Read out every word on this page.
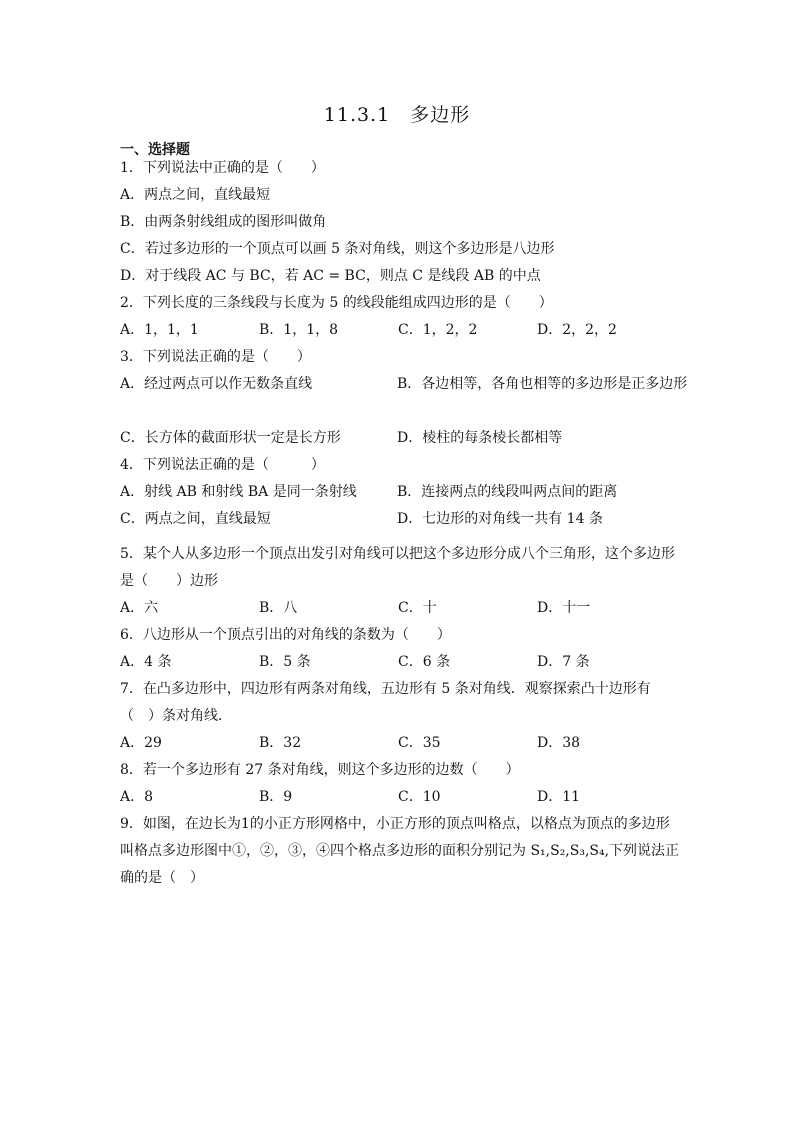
11.3.1　多边形
一、选择题
1．下列说法中正确的是（　　）
A．两点之间，直线最短
B．由两条射线组成的图形叫做角
C．若过多边形的一个顶点可以画 5 条对角线，则这个多边形是八边形
D．对于线段 AC 与 BC，若 AC = BC，则点 C 是线段 AB 的中点
2．下列长度的三条线段与长度为 5 的线段能组成四边形的是（　　）
A．1，1，1	B．1，1，8	C．1，2，2	D．2，2，2
3．下列说法正确的是（　　）
A．经过两点可以作无数条直线	B．各边相等，各角也相等的多边形是正多边形
C．长方体的截面形状一定是长方形	D．棱柱的每条棱长都相等
4．下列说法正确的是（　　　）
A．射线 AB 和射线 BA 是同一条射线	B．连接两点的线段叫两点间的距离
C．两点之间，直线最短	D．七边形的对角线一共有 14 条
5．某个人从多边形一个顶点出发引对角线可以把这个多边形分成八个三角形，这个多边形是（　　）边形
A．六	B．八	C．十	D．十一
6．八边形从一个顶点引出的对角线的条数为（　　）
A．4 条	B．5 条	C．6 条	D．7 条
7．在凸多边形中，四边形有两条对角线，五边形有 5 条对角线．观察探索凸十边形有（　）条对角线．
A．29	B．32	C．35	D．38
8．若一个多边形有 27 条对角线，则这个多边形的边数（　　）
A．8	B．9	C．10	D．11
9．如图，在边长为1的小正方形网格中，小正方形的顶点叫格点，以格点为顶点的多边形叫格点多边形图中①，②，③，④四个格点多边形的面积分别记为 S₁,S₂,S₃,S₄,下列说法正确的是（　）
